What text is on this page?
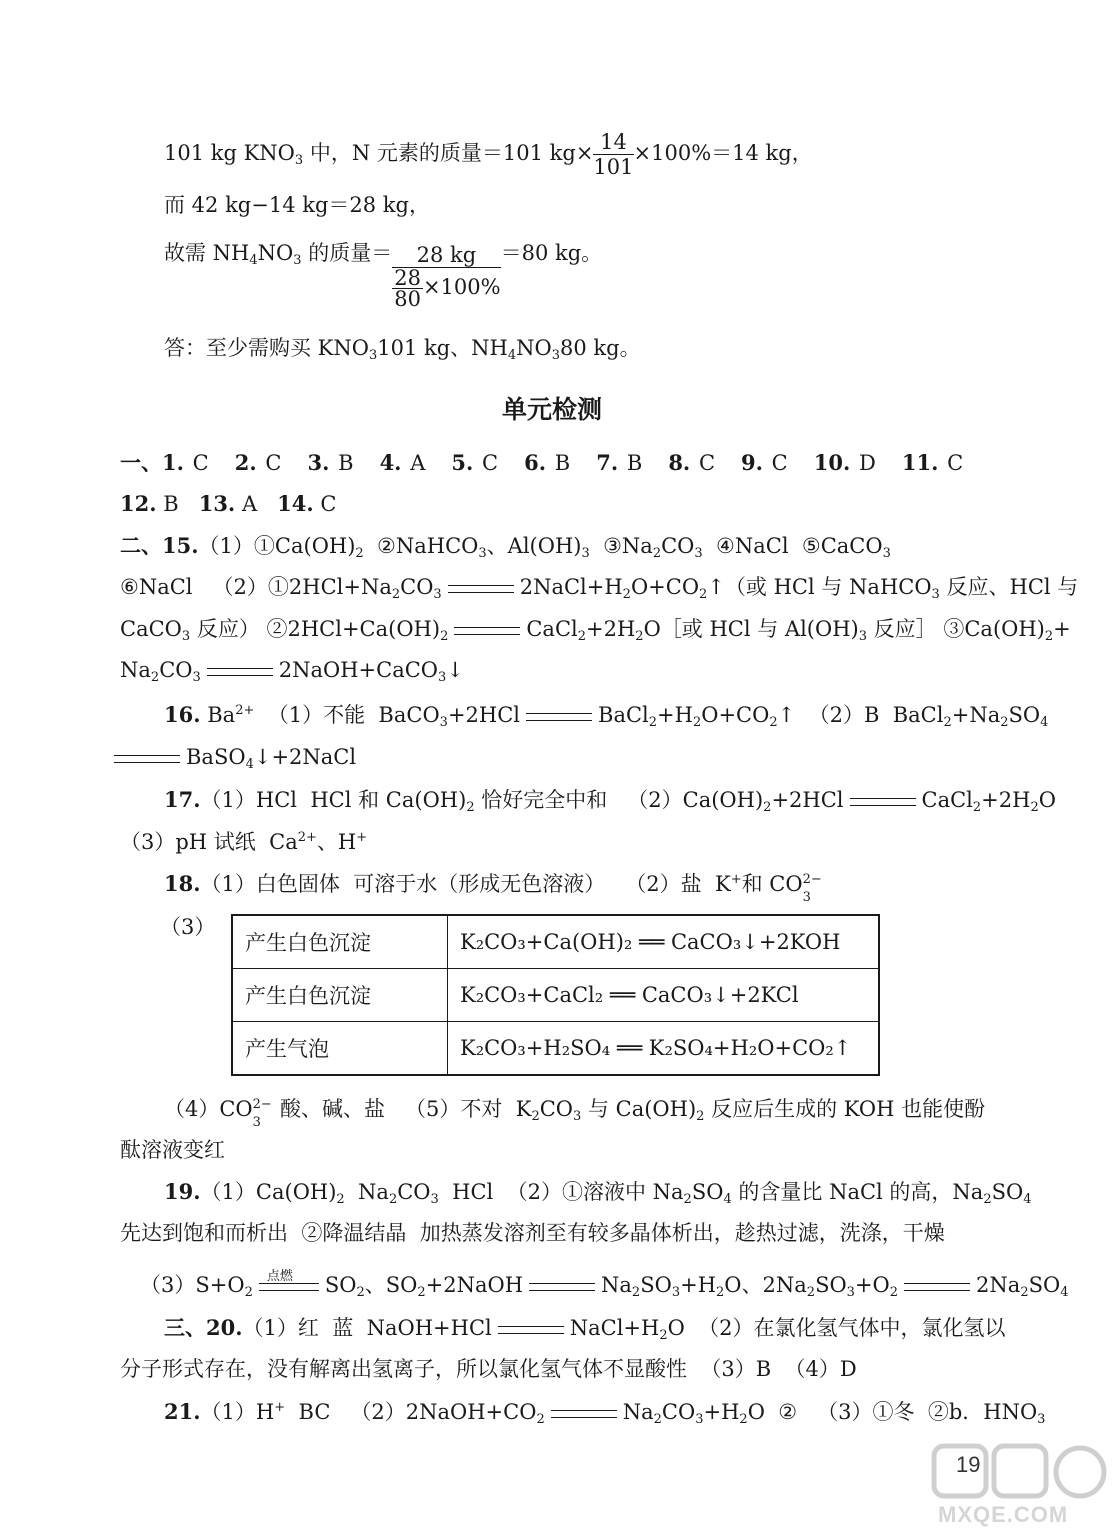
101 kg $KNO_3$ 中，N 元素的质量＝101 $kg\times \frac{14}{101} \times 100\%=14$ kg，
而 42 kg−14 kg＝28 kg，
故需 $NH_4NO_3$ 的质量＝ $\frac{28 kg}{\frac{28}{80} \times 100\%} =80$ kg。
答：至少需购买 $KNO_3101$ kg、$NH_4NO_380$ kg。
单元检测
一、1. C 2. C 3. B 4. A 5. C 6. B 7. B 8. C 9. C 10. D 11. C
12. B 13. A 14. C
二、$15.(1)①Ca(OH)_2$  ②NaHCO$_3$、$Al(OH)_3$  $③Na_2CO_3$  ④NaCl  ⑤CaCO$_3$
⑥NaCl   $(2)①2HCl+Na_2CO_3$	$2NaCl+H_2O+CO_2↑$（或 HCl 与 NaHCO$_3$ 反应、HCl 与
CaCO$_3$ 反应） $②2HCl+Ca(OH)_2$	$CaCl_2+2H_2O[$或 HCl 与 $Al(OH)_3$ 反应］ $③Ca(OH)_2+$
$Na_2CO_3$	2NaOH+CaCO$_3$↓
16. $Ba^{2+}$  （1）不能  BaCO$_3$+2HCl	$BaCl_2+H_2O+CO_2↑$  （2）B  $BaCl_2+Na_2SO_4$
BaSO$_4$↓+2NaCl
17.（1）HCl  HCl 和 $Ca(OH)_2$ 恰好完全中和   $(2)Ca(OH)_2+2HCl$	$CaCl_2+2H_2O$
（3）pH 试纸  $Ca^{2+}$、H+
18.（1）白色固体  可溶于水（形成无色溶液）   （2）盐  K+和 CO 2−
3
（3）
产生白色沉淀	K₂CO₃+Ca(OH)₂ ══ CaCO₃↓+2KOH
产生白色沉淀	K₂CO₃+CaCl₂ ══ CaCO₃↓+2KCl
产生气泡	K₂CO₃+H₂SO₄ ══ K₂SO₄+H₂O+CO₂↑
（4）CO 2−
3
酸、碱、盐   （5）不对  $K_2CO_3$ 与 $Ca(OH)_2$ 反应后生成的 KOH 也能使酚
酞溶液变红
$19.(1)Ca(OH)_2$  $Na_2CO_3$  HCl  （2）①溶液中 $Na_2SO_4$ 的含量比 NaCl 的高，$Na_2SO_4$
先达到饱和而析出  ②降温结晶  加热蒸发溶剂至有较多晶体析出，趁热过滤，洗涤，干燥
$(3)S+O_2$
点燃 $SO_2$、$SO_2+2NaOH$	$Na_2SO_3+H_2O$、$2Na_2SO_3+O_2$	$2Na_2SO_4$
三、20.（1）红  蓝  NaOH+HCl	$NaCl+H_2O$  （2）在氯化氢气体中，氯化氢以
分子形式存在，没有解离出氢离子，所以氯化氢气体不显酸性  （3）B  （4）D
21.（1）H+  BC   $(2)2NaOH+CO_2$	$Na_2CO_3+H_2O$  ②   （3）①冬  ②b．$HNO_3$
19
MXQE.COM
